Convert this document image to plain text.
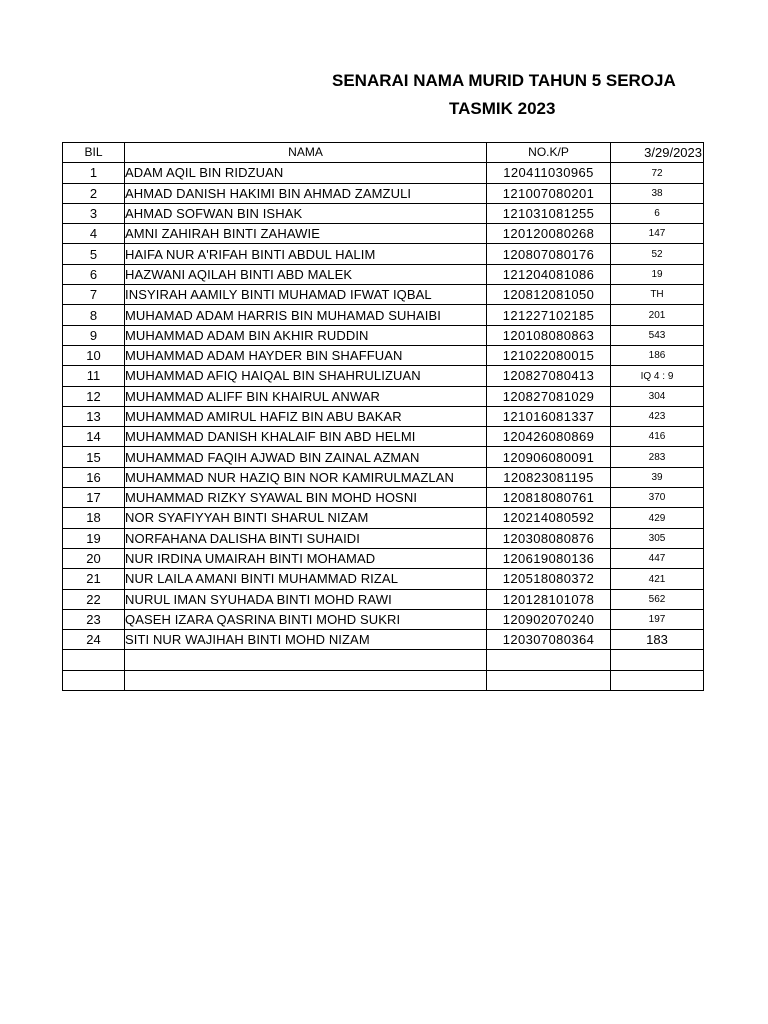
SENARAI NAMA MURID TAHUN 5 SEROJA
TASMIK 2023
BIL	NAMA	NO.K/P	3/29/2023
1	ADAM AQIL BIN RIDZUAN	120411030965	72
2	AHMAD DANISH HAKIMI BIN AHMAD ZAMZULI	121007080201	38
3	AHMAD SOFWAN BIN ISHAK	121031081255	6
4	AMNI ZAHIRAH BINTI ZAHAWIE	120120080268	147
5	HAIFA NUR A'RIFAH BINTI ABDUL HALIM	120807080176	52
6	HAZWANI AQILAH BINTI ABD MALEK	121204081086	19
7	INSYIRAH AAMILY BINTI MUHAMAD IFWAT IQBAL	120812081050	TH
8	MUHAMAD ADAM HARRIS BIN MUHAMAD SUHAIBI	121227102185	201
9	MUHAMMAD ADAM BIN AKHIR RUDDIN	120108080863	543
10	MUHAMMAD ADAM HAYDER BIN SHAFFUAN	121022080015	186
11	MUHAMMAD AFIQ HAIQAL BIN SHAHRULIZUAN	120827080413	IQ 4 : 9
12	MUHAMMAD ALIFF BIN KHAIRUL ANWAR	120827081029	304
13	MUHAMMAD AMIRUL HAFIZ BIN ABU BAKAR	121016081337	423
14	MUHAMMAD DANISH KHALAIF BIN ABD HELMI	120426080869	416
15	MUHAMMAD FAQIH AJWAD BIN ZAINAL AZMAN	120906080091	283
16	MUHAMMAD NUR HAZIQ BIN NOR KAMIRULMAZLAN	120823081195	39
17	MUHAMMAD RIZKY SYAWAL BIN MOHD HOSNI	120818080761	370
18	NOR SYAFIYYAH BINTI SHARUL NIZAM	120214080592	429
19	NORFAHANA DALISHA BINTI SUHAIDI	120308080876	305
20	NUR IRDINA UMAIRAH BINTI MOHAMAD	120619080136	447
21	NUR LAILA AMANI BINTI MUHAMMAD RIZAL	120518080372	421
22	NURUL IMAN SYUHADA BINTI MOHD RAWI	120128101078	562
23	QASEH IZARA QASRINA BINTI MOHD SUKRI	120902070240	197
24	SITI NUR WAJIHAH BINTI MOHD NIZAM	120307080364	183
